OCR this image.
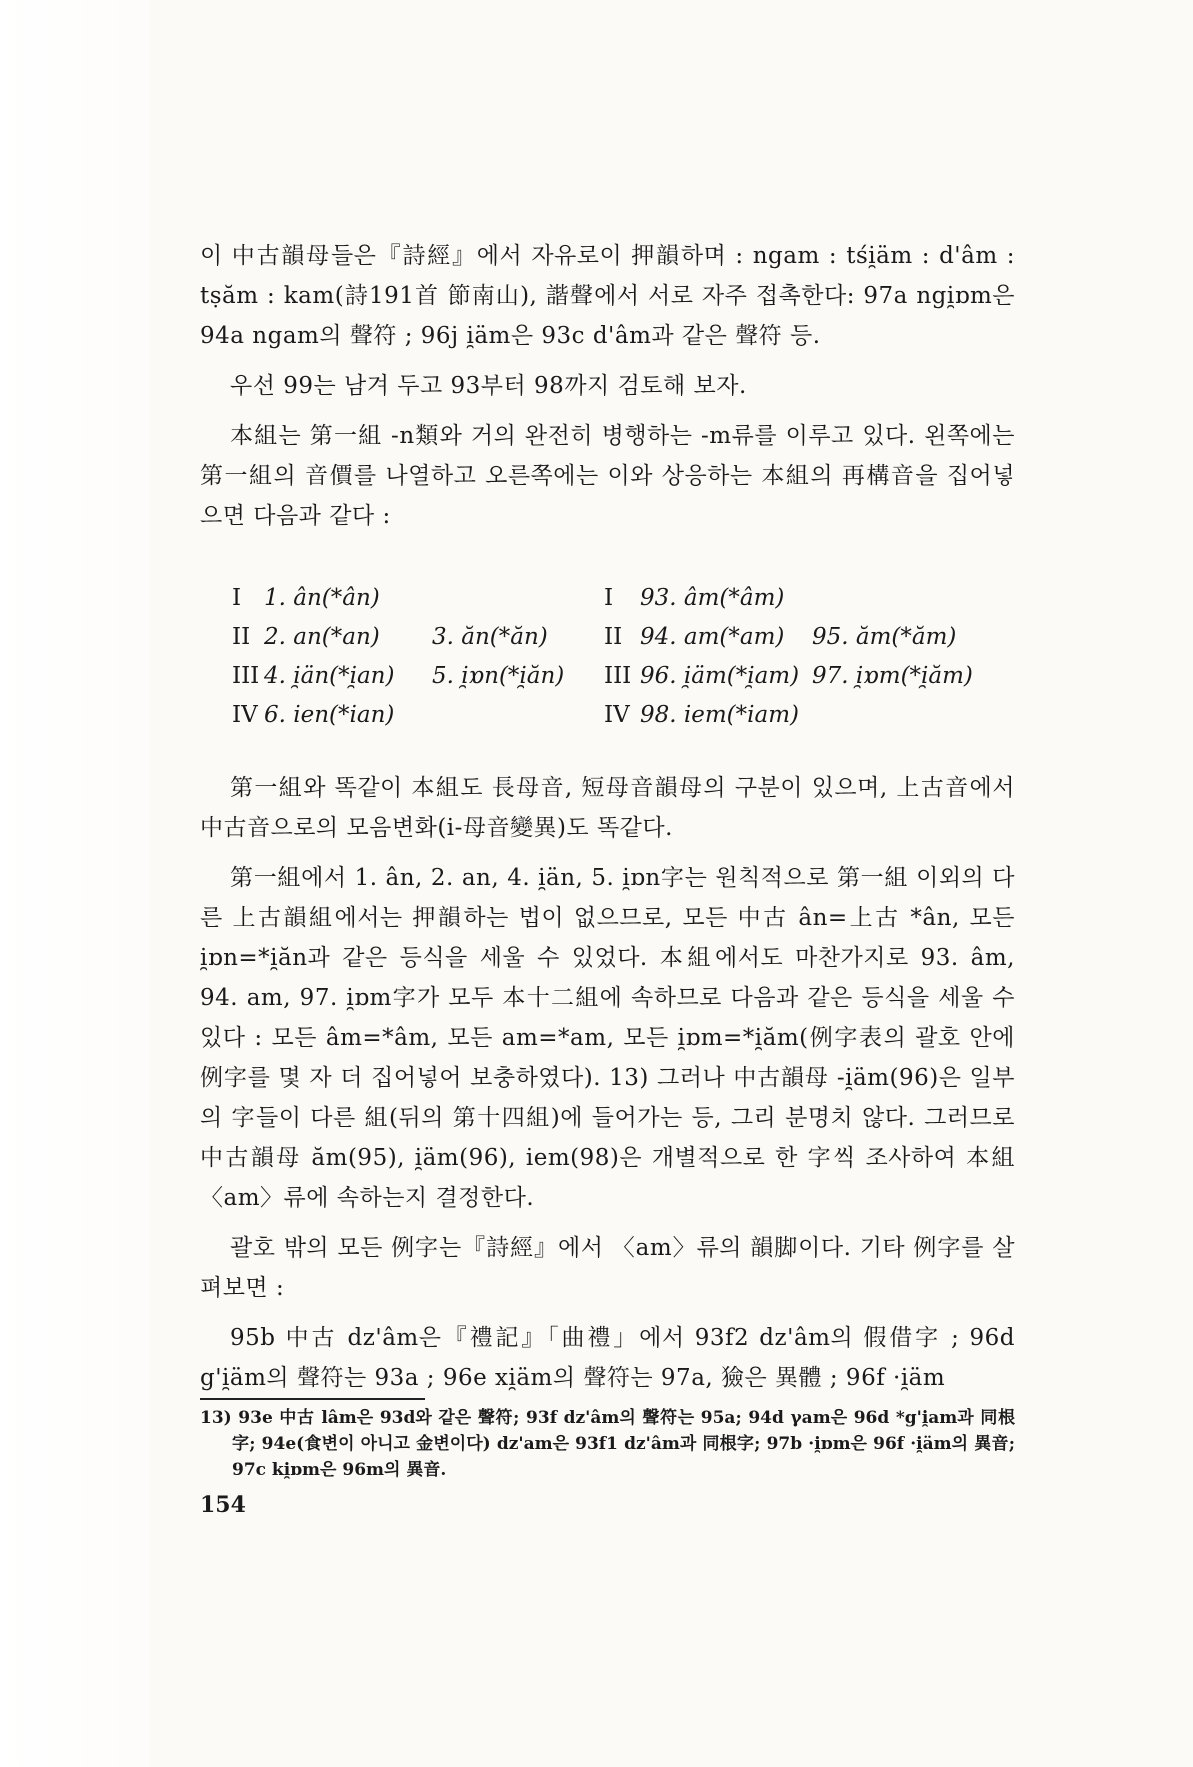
이 中古韻母들은『詩經』에서 자유로이 押韻하며 : ngam : tśi̯äm : d'âm : tṣăm : kam(詩191首 節南山), 諧聲에서 서로 자주 접촉한다: 97a ngi̯ɒm은 94a ngam의 聲符 ; 96j i̯äm은 93c d'âm과 같은 聲符 등.

우선 99는 남겨 두고 93부터 98까지 검토해 보자.

本組는 第一組 -n類와 거의 완전히 병행하는 -m류를 이루고 있다. 왼쪽에는 第一組의 音價를 나열하고 오른쪽에는 이와 상응하는 本組의 再構音을 집어넣으면 다음과 같다 :

I 1. ân(*ân)	I 93. âm(*âm)
II 2. an(*an) 3. ăn(*ăn) II 94. am(*am) 95. ăm(*ăm)
III 4. i̯än(*i̯an) 5. i̯ɒn(*i̯ăn) III 96. i̯äm(*i̯am) 97. i̯ɒm(*i̯ăm)
IV 6. ien(*ian)	IV 98. iem(*iam)

第一組와 똑같이 本組도 長母音, 短母音韻母의 구분이 있으며, 上古音에서 中古音으로의 모음변화(i-母音變異)도 똑같다.

第一組에서 1. ân, 2. an, 4. i̯än, 5. i̯ɒn字는 원칙적으로 第一組 이외의 다른 上古韻組에서는 押韻하는 법이 없으므로, 모든 中古 ân=上古 *ân, 모든 i̯ɒn=*i̯ăn과 같은 등식을 세울 수 있었다. 本組에서도 마찬가지로 93. âm, 94. am, 97. i̯ɒm字가 모두 本十二組에 속하므로 다음과 같은 등식을 세울 수 있다 : 모든 âm=*âm, 모든 am=*am, 모든 i̯ɒm=*i̯ăm(例字表의 괄호 안에 例字를 몇 자 더 집어넣어 보충하였다). 13) 그러나 中古韻母 -i̯äm(96)은 일부의 字들이 다른 組(뒤의 第十四組)에 들어가는 등, 그리 분명치 않다. 그러므로 中古韻母 ăm(95), i̯äm(96), iem(98)은 개별적으로 한 字씩 조사하여 本組 〈am〉류에 속하는지 결정한다.

괄호 밖의 모든 例字는『詩經』에서 〈am〉류의 韻脚이다. 기타 例字를 살펴보면 :

95b 中古 dz'âm은『禮記』「曲禮」에서 93f2 dz'âm의 假借字 ; 96d g'i̯äm의 聲符는 93a ; 96e xi̯äm의 聲符는 97a, 獫은 異體 ; 96f ·i̯äm

13) 93e 中古 lâm은 93d와 같은 聲符; 93f dz'âm의 聲符는 95a; 94d γam은 96d *g'i̯am과 同根字; 94e(食변이 아니고 金변이다) dz'am은 93f1 dz'âm과 同根字; 97b ·i̯ɒm은 96f ·i̯äm의 異音; 97c ki̯ɒm은 96m의 異音.

154
